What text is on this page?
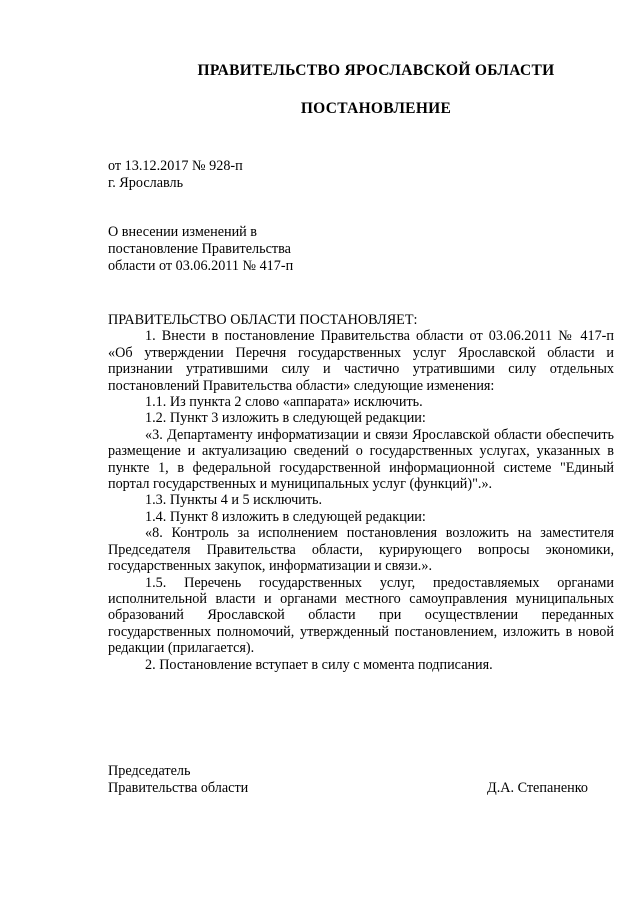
ПРАВИТЕЛЬСТВО ЯРОСЛАВСКОЙ ОБЛАСТИ
ПОСТАНОВЛЕНИЕ
от 13.12.2017 № 928-п
г. Ярославль
О внесении изменений в
постановление Правительства
области от 03.06.2011 № 417-п

ПРАВИТЕЛЬСТВО ОБЛАСТИ ПОСТАНОВЛЯЕТ:

1. Внести в постановление Правительства области от 03.06.2011 № 417-п «Об утверждении Перечня государственных услуг Ярославской области и признании утратившими силу и частично утратившими силу отдельных постановлений Правительства области» следующие изменения:

1.1. Из пункта 2 слово «аппарата» исключить.

1.2. Пункт 3 изложить в следующей редакции:

«3. Департаменту информатизации и связи Ярославской области обеспечить размещение и актуализацию сведений о государственных услугах, указанных в пункте 1, в федеральной государственной информационной системе "Единый портал государственных и муниципальных услуг (функций)".».

1.3. Пункты 4 и 5 исключить.

1.4. Пункт 8 изложить в следующей редакции:

«8. Контроль за исполнением постановления возложить на заместителя Председателя Правительства области, курирующего вопросы экономики, государственных закупок, информатизации и связи.».

1.5. Перечень государственных услуг, предоставляемых органами исполнительной власти и органами местного самоуправления муниципальных образований Ярославской области при осуществлении переданных государственных полномочий, утвержденный постановлением, изложить в новой редакции (прилагается).

2. Постановление вступает в силу с момента подписания.

Председатель
Правительства области	Д.А. Степаненко
